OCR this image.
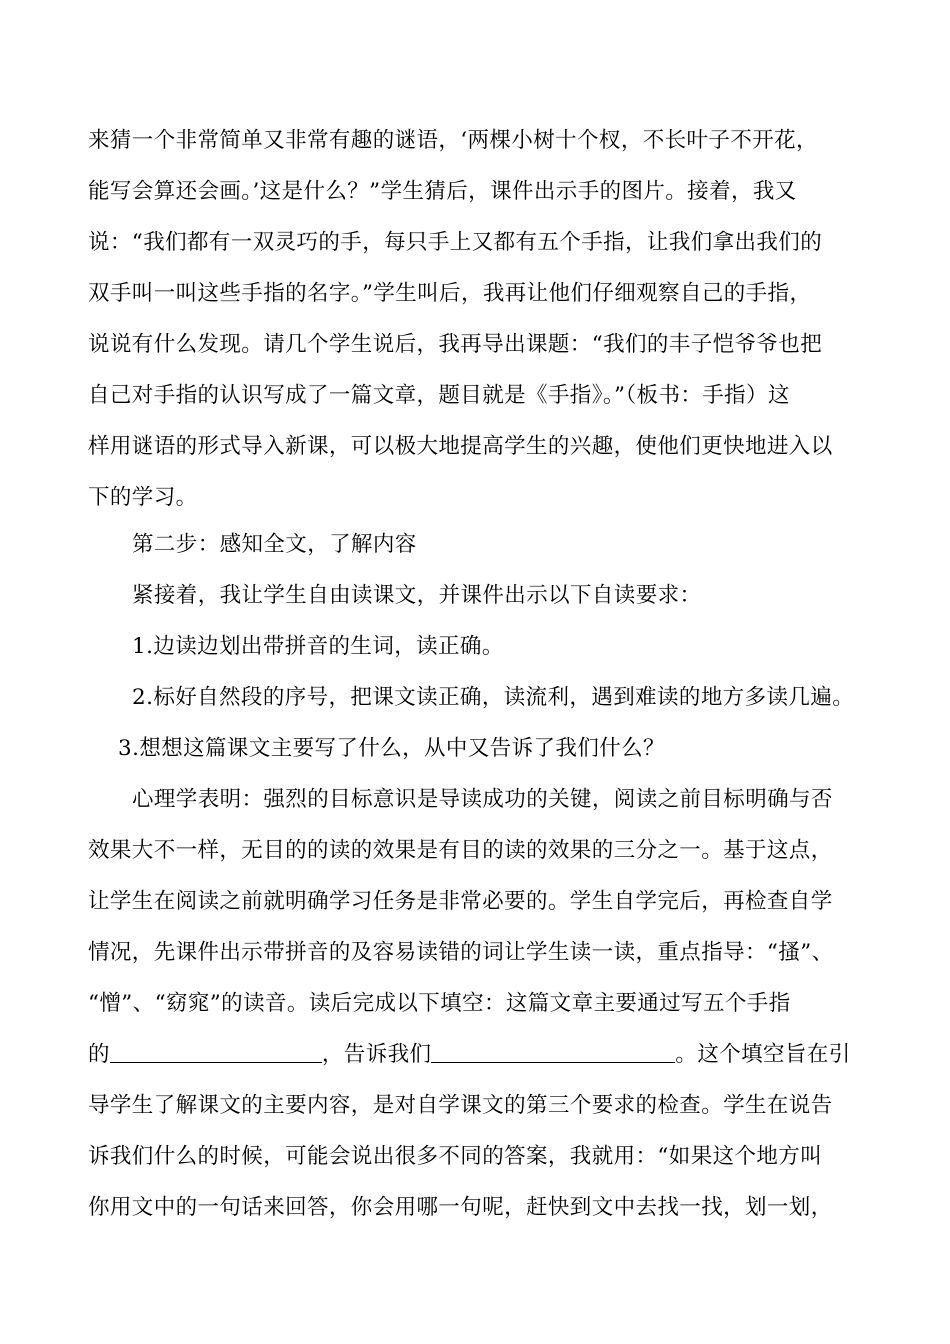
来猜一个非常简单又非常有趣的谜语，‘两棵小树十个杈，不长叶子不开花，
能写会算还会画。’这是什么？”学生猜后，课件出示手的图片。接着，我又
说：“我们都有一双灵巧的手，每只手上又都有五个手指，让我们拿出我们的
双手叫一叫这些手指的名字。”学生叫后，我再让他们仔细观察自己的手指，
说说有什么发现。请几个学生说后，我再导出课题：“我们的丰子恺爷爷也把
自己对手指的认识写成了一篇文章，题目就是《手指》。”（板书：手指）这
样用谜语的形式导入新课，可以极大地提高学生的兴趣，使他们更快地进入以
下的学习。
第二步：感知全文，了解内容
紧接着，我让学生自由读课文，并课件出示以下自读要求：
1.边读边划出带拼音的生词，读正确。
2.标好自然段的序号，把课文读正确，读流利，遇到难读的地方多读几遍。
3.想想这篇课文主要写了什么，从中又告诉了我们什么？
心理学表明：强烈的目标意识是导读成功的关键，阅读之前目标明确与否
效果大不一样，无目的的读的效果是有目的读的效果的三分之一。基于这点，
让学生在阅读之前就明确学习任务是非常必要的。学生自学完后，再检查自学
情况，先课件出示带拼音的及容易读错的词让学生读一读，重点指导：“搔”、
“憎”、“窈窕”的读音。读后完成以下填空：这篇文章主要通过写五个手指
的	，告诉我们	。这个填空旨在引
导学生了解课文的主要内容，是对自学课文的第三个要求的检查。学生在说告
诉我们什么的时候，可能会说出很多不同的答案，我就用：“如果这个地方叫
你用文中的一句话来回答，你会用哪一句呢，赶快到文中去找一找，划一划，
